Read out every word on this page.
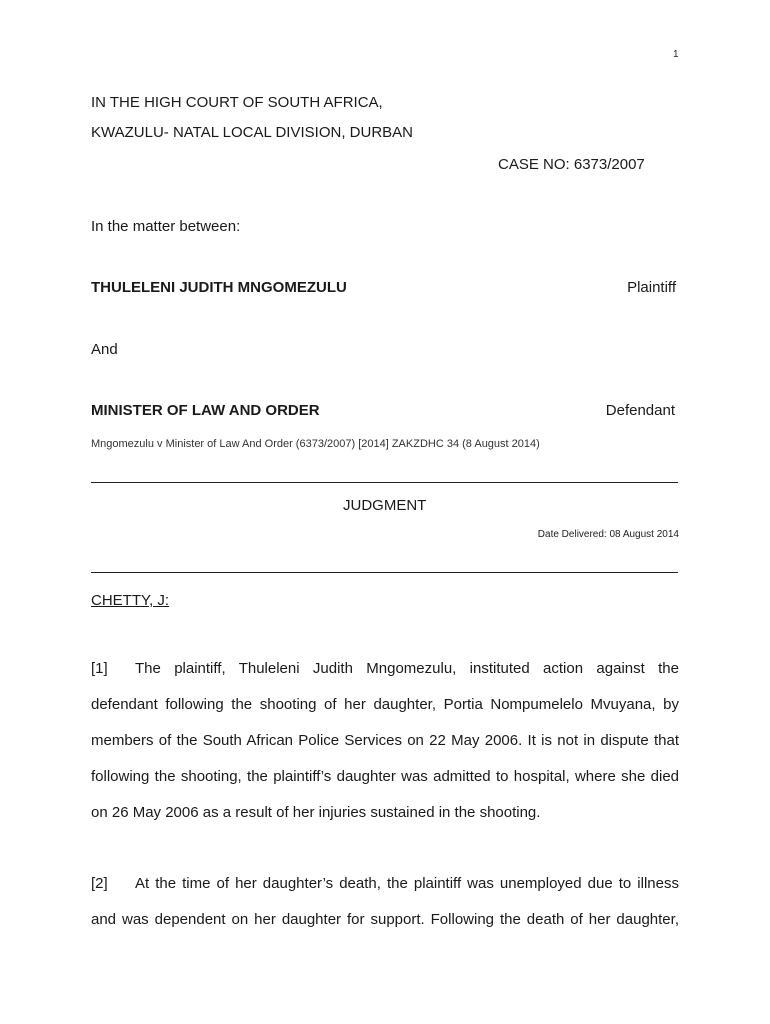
1
IN THE HIGH COURT OF SOUTH AFRICA,
KWAZULU- NATAL LOCAL DIVISION, DURBAN
CASE NO: 6373/2007
In the matter between:
THULELENI JUDITH MNGOMEZULU	Plaintiff
And
MINISTER OF LAW AND ORDER	Defendant
Mngomezulu v Minister of Law And Order (6373/2007) [2014] ZAKZDHC 34 (8 August 2014)
JUDGMENT
Date Delivered: 08 August 2014
CHETTY, J:
[1]	The plaintiff, Thuleleni Judith Mngomezulu, instituted action against the
defendant following the shooting of her daughter, Portia Nompumelelo Mvuyana, by
members of the South African Police Services on 22 May 2006. It is not in dispute that
following the shooting, the plaintiff’s daughter was admitted to hospital, where she died
on 26 May 2006 as a result of her injuries sustained in the shooting.
[2]	At the time of her daughter’s death, the plaintiff was unemployed due to illness
and was dependent on her daughter for support. Following the death of her daughter,
